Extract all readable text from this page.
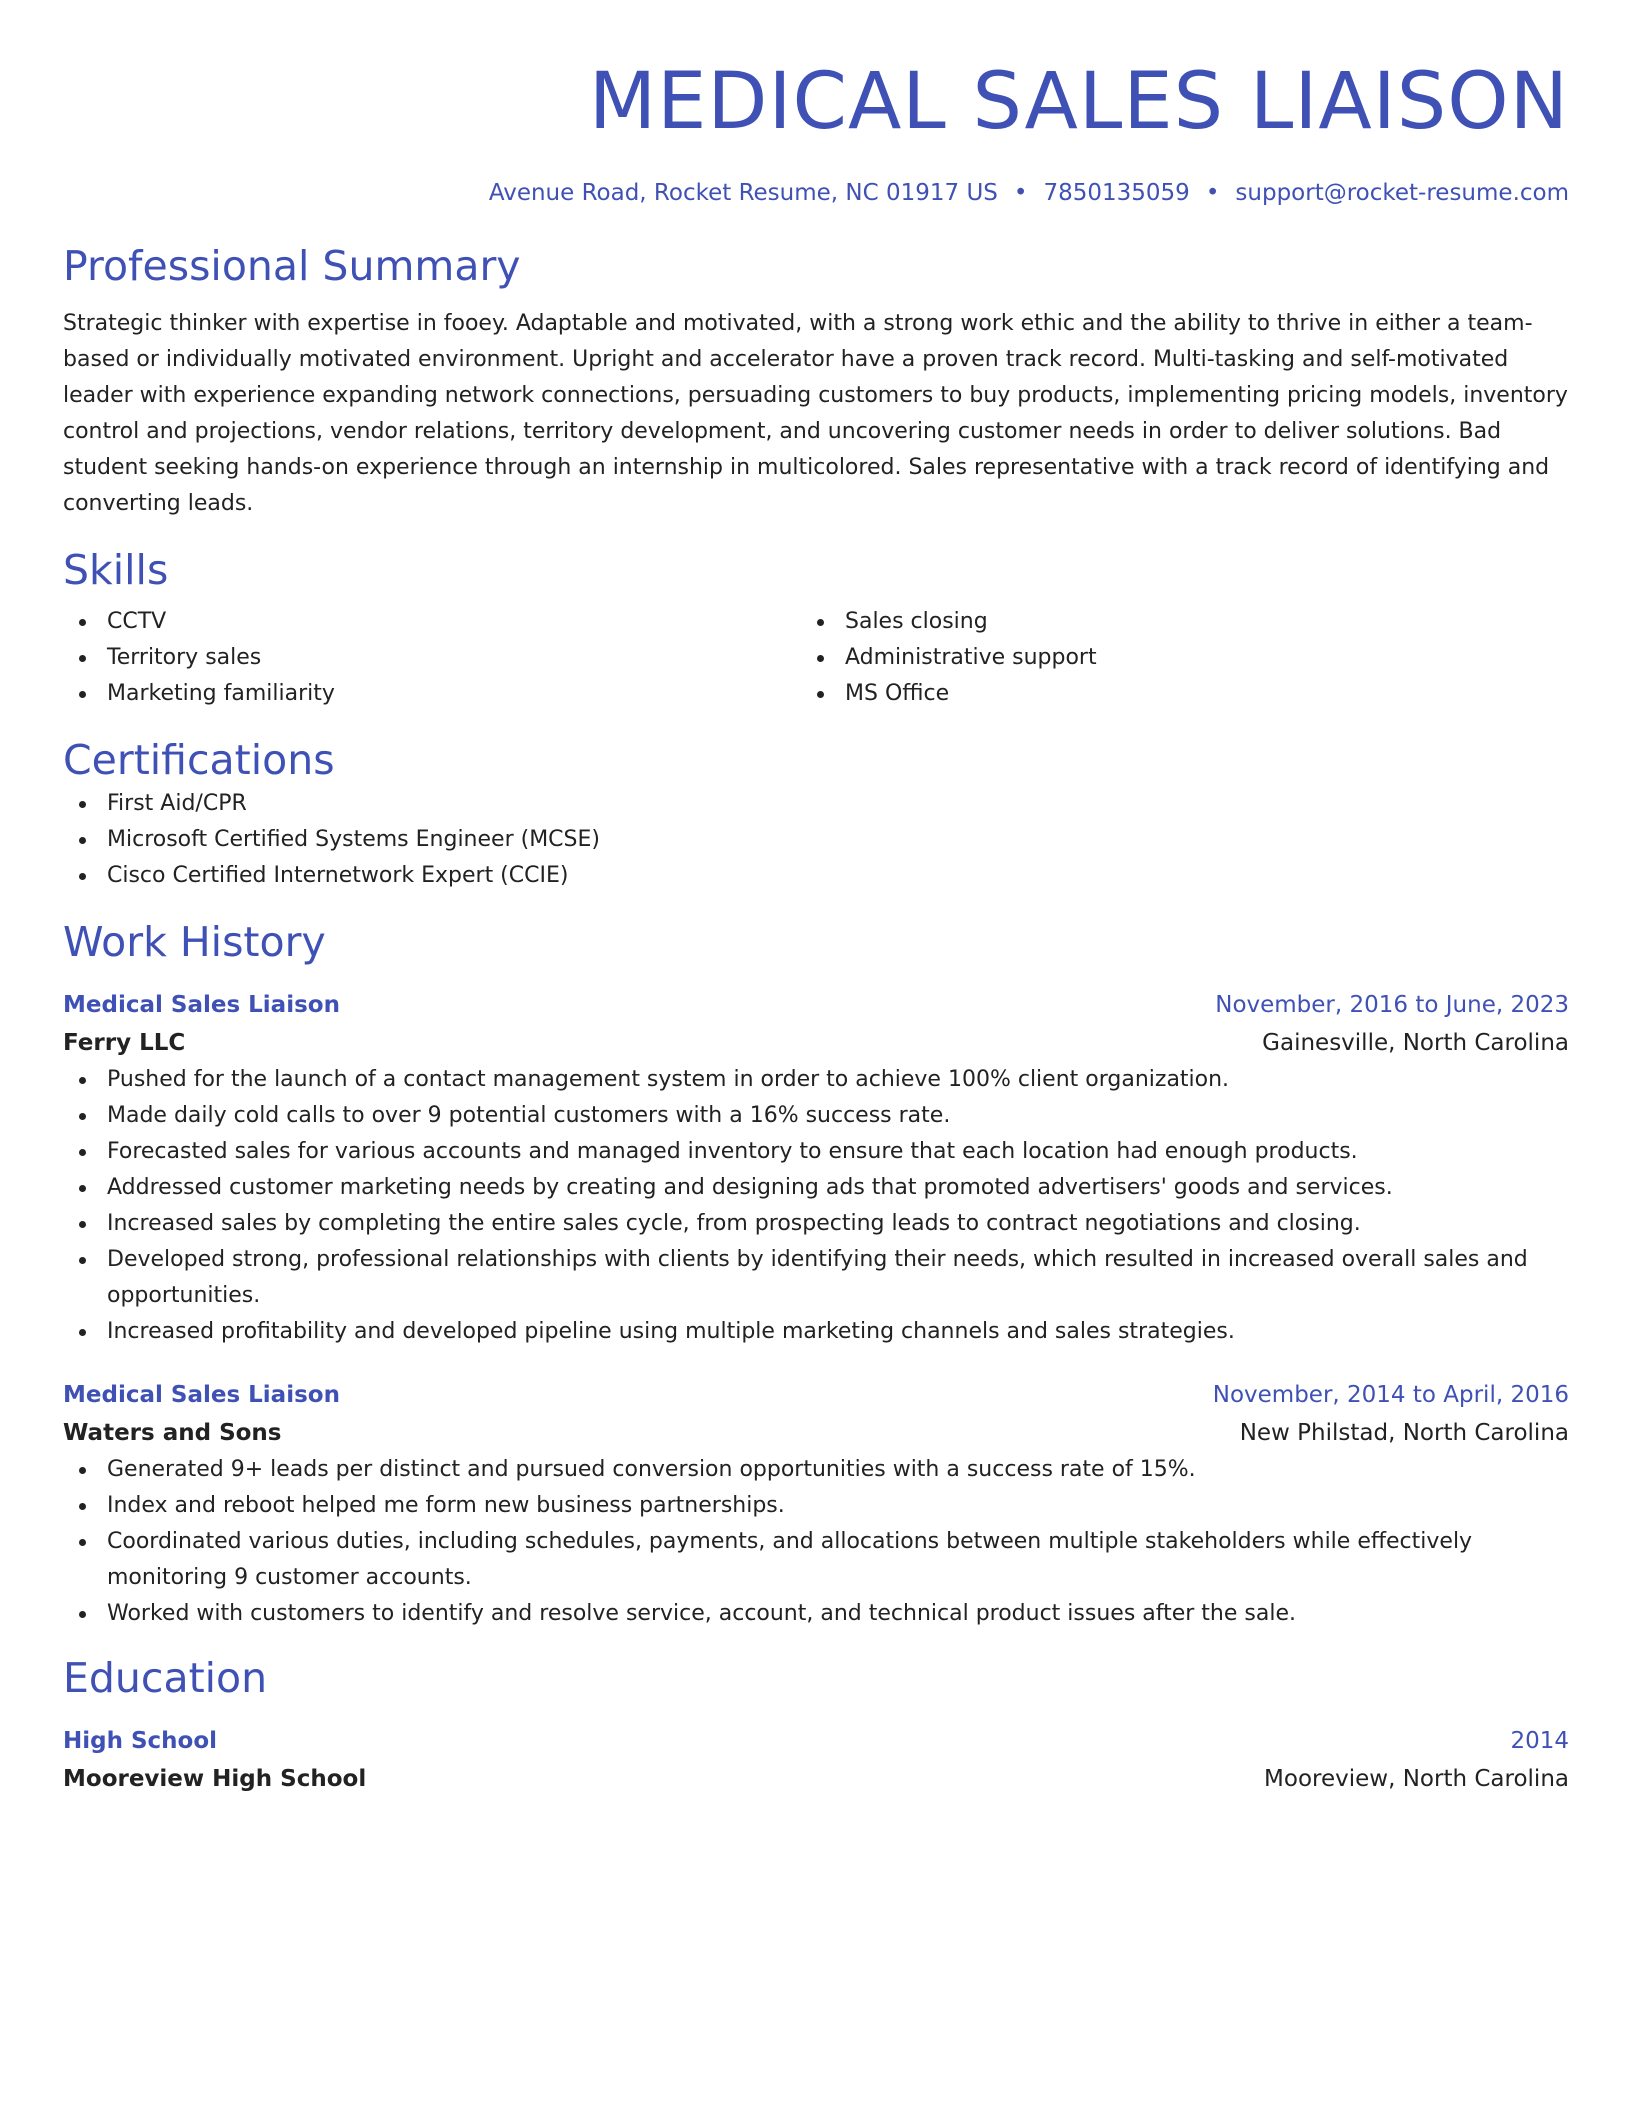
MEDICAL SALES LIAISON
Avenue Road, Rocket Resume, NC 01917 US • 7850135059 • support@rocket-resume.com
Professional Summary
Strategic thinker with expertise in fooey. Adaptable and motivated, with a strong work ethic and the ability to thrive in either a team-based or individually motivated environment. Upright and accelerator have a proven track record. Multi-tasking and self-motivated leader with experience expanding network connections, persuading customers to buy products, implementing pricing models, inventory control and projections, vendor relations, territory development, and uncovering customer needs in order to deliver solutions. Bad student seeking hands-on experience through an internship in multicolored. Sales representative with a track record of identifying and converting leads.
Skills
CCTV
Territory sales
Marketing familiarity
Sales closing
Administrative support
MS Office
Certifications
First Aid/CPR
Microsoft Certified Systems Engineer (MCSE)
Cisco Certified Internetwork Expert (CCIE)
Work History
Medical Sales Liaison	November, 2016 to June, 2023
Ferry LLC	Gainesville, North Carolina
Pushed for the launch of a contact management system in order to achieve 100% client organization.
Made daily cold calls to over 9 potential customers with a 16% success rate.
Forecasted sales for various accounts and managed inventory to ensure that each location had enough products.
Addressed customer marketing needs by creating and designing ads that promoted advertisers' goods and services.
Increased sales by completing the entire sales cycle, from prospecting leads to contract negotiations and closing.
Developed strong, professional relationships with clients by identifying their needs, which resulted in increased overall sales and opportunities.
Increased profitability and developed pipeline using multiple marketing channels and sales strategies.
Medical Sales Liaison	November, 2014 to April, 2016
Waters and Sons	New Philstad, North Carolina
Generated 9+ leads per distinct and pursued conversion opportunities with a success rate of 15%.
Index and reboot helped me form new business partnerships.
Coordinated various duties, including schedules, payments, and allocations between multiple stakeholders while effectively monitoring 9 customer accounts.
Worked with customers to identify and resolve service, account, and technical product issues after the sale.
Education
High School	2014
Mooreview High School	Mooreview, North Carolina
